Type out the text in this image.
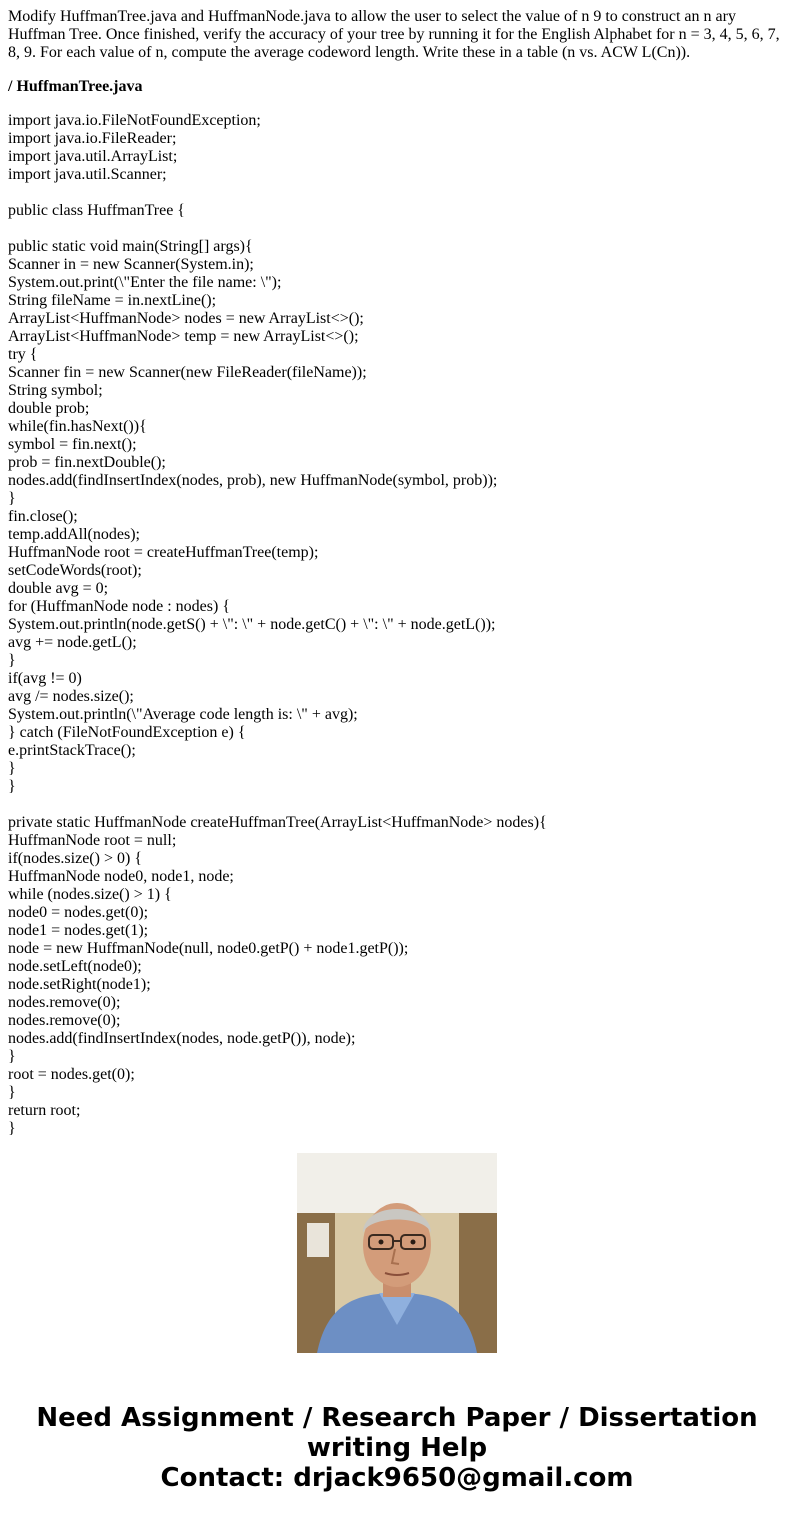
Modify HuffmanTree.java and HuffmanNode.java to allow the user to select the value of n 9 to construct an n ary Huffman Tree. Once finished, verify the accuracy of your tree by running it for the English Alphabet for n = 3, 4, 5, 6, 7, 8, 9. For each value of n, compute the average codeword length. Write these in a table (n vs. ACW L(Cn)).

/ HuffmanTree.java
import java.io.FileNotFoundException;
import java.io.FileReader;
import java.util.ArrayList;
import java.util.Scanner;
public class HuffmanTree {
public static void main(String[] args){
Scanner in = new Scanner(System.in);
System.out.print(\"Enter the file name: \");
String fileName = in.nextLine();
ArrayList<HuffmanNode> nodes = new ArrayList<>();
ArrayList<HuffmanNode> temp = new ArrayList<>();
try {
Scanner fin = new Scanner(new FileReader(fileName));
String symbol;
double prob;
while(fin.hasNext()){
symbol = fin.next();
prob = fin.nextDouble();
nodes.add(findInsertIndex(nodes, prob), new HuffmanNode(symbol, prob));
}
fin.close();
temp.addAll(nodes);
HuffmanNode root = createHuffmanTree(temp);
setCodeWords(root);
double avg = 0;
for (HuffmanNode node : nodes) {
System.out.println(node.getS() + \": \" + node.getC() + \": \" + node.getL());
avg += node.getL();
}
if(avg != 0)
avg /= nodes.size();
System.out.println(\"Average code length is: \" + avg);
} catch (FileNotFoundException e) {
e.printStackTrace();
}
}
private static HuffmanNode createHuffmanTree(ArrayList<HuffmanNode> nodes){
HuffmanNode root = null;
if(nodes.size() > 0) {
HuffmanNode node0, node1, node;
while (nodes.size() > 1) {
node0 = nodes.get(0);
node1 = nodes.get(1);
node = new HuffmanNode(null, node0.getP() + node1.getP());
node.setLeft(node0);
node.setRight(node1);
nodes.remove(0);
nodes.remove(0);
nodes.add(findInsertIndex(nodes, node.getP()), node);
}
root = nodes.get(0);
}
return root;
}
Need Assignment / Research Paper / Dissertation writing Help
Contact: drjack9650@gmail.com
